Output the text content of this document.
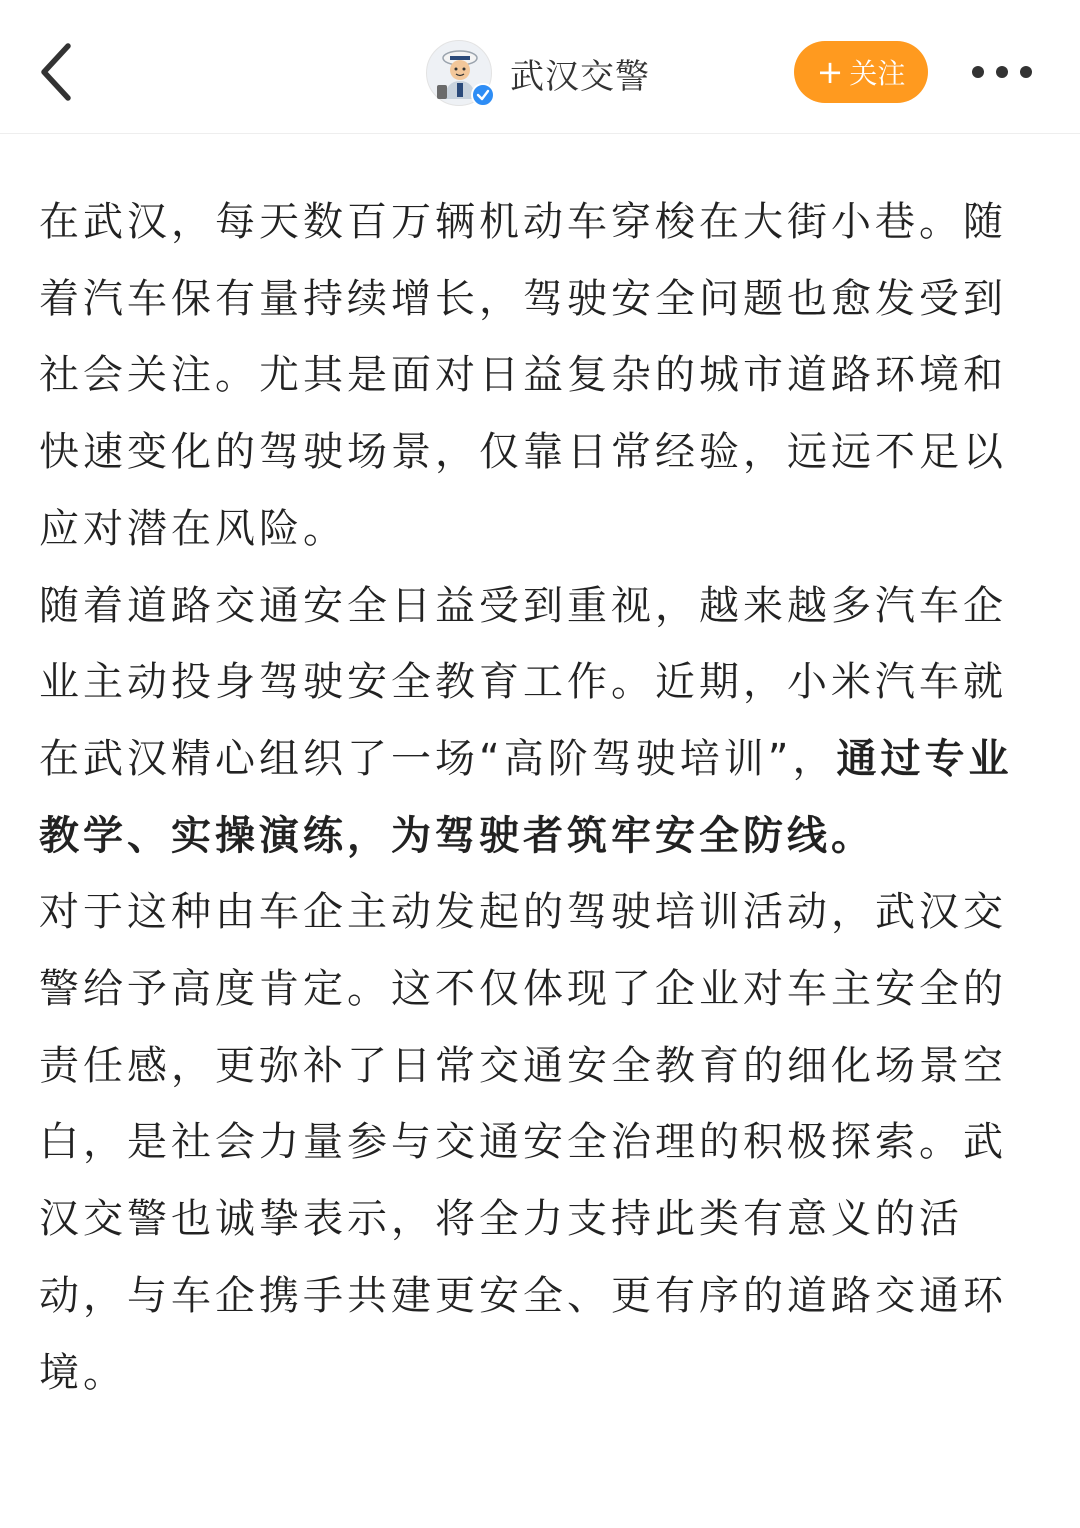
武汉交警	+ 关注

在武汉，每天数百万辆机动车穿梭在大街小巷。随着汽车保有量持续增长，驾驶安全问题也愈发受到社会关注。尤其是面对日益复杂的城市道路环境和快速变化的驾驶场景，仅靠日常经验，远远不足以应对潜在风险。

随着道路交通安全日益受到重视，越来越多汽车企业主动投身驾驶安全教育工作。近期，小米汽车就在武汉精心组织了一场“高阶驾驶培训”，通过专业教学、实操演练，为驾驶者筑牢安全防线。

对于这种由车企主动发起的驾驶培训活动，武汉交警给予高度肯定。这不仅体现了企业对车主安全的责任感，更弥补了日常交通安全教育的细化场景空白，是社会力量参与交通安全治理的积极探索。武汉交警也诚挚表示，将全力支持此类有意义的活动，与车企携手共建更安全、更有序的道路交通环境。
